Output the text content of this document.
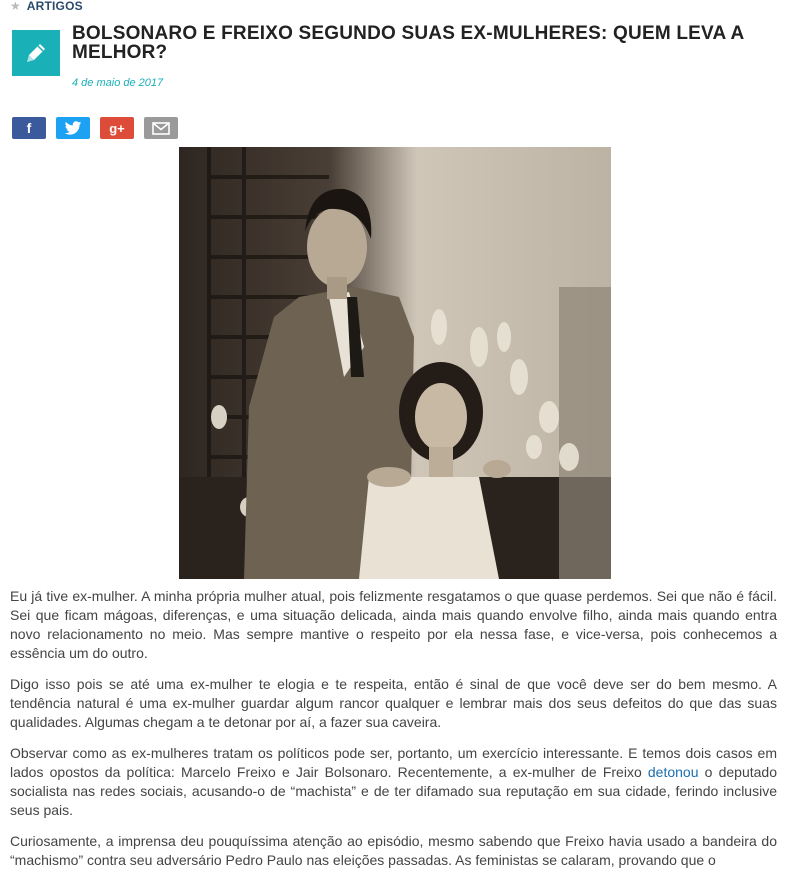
★ ARTIGOS
BOLSONARO E FREIXO SEGUNDO SUAS EX-MULHERES: QUEM LEVA A MELHOR?
4 de maio de 2017
f	g+

Eu já tive ex-mulher. A minha própria mulher atual, pois felizmente resgatamos o que quase perdemos. Sei que não é fácil. Sei que ficam mágoas, diferenças, e uma situação delicada, ainda mais quando envolve filho, ainda mais quando entra novo relacionamento no meio. Mas sempre mantive o respeito por ela nessa fase, e vice-versa, pois conhecemos a essência um do outro.

Digo isso pois se até uma ex-mulher te elogia e te respeita, então é sinal de que você deve ser do bem mesmo. A tendência natural é uma ex-mulher guardar algum rancor qualquer e lembrar mais dos seus defeitos do que das suas qualidades. Algumas chegam a te detonar por aí, a fazer sua caveira.

Observar como as ex-mulheres tratam os políticos pode ser, portanto, um exercício interessante. E temos dois casos em lados opostos da política: Marcelo Freixo e Jair Bolsonaro. Recentemente, a ex-mulher de Freixo detonou o deputado socialista nas redes sociais, acusando-o de “machista” e de ter difamado sua reputação em sua cidade, ferindo inclusive seus pais.

Curiosamente, a imprensa deu pouquíssima atenção ao episódio, mesmo sabendo que Freixo havia usado a bandeira do “machismo” contra seu adversário Pedro Paulo nas eleições passadas. As feministas se calaram, provando que o
